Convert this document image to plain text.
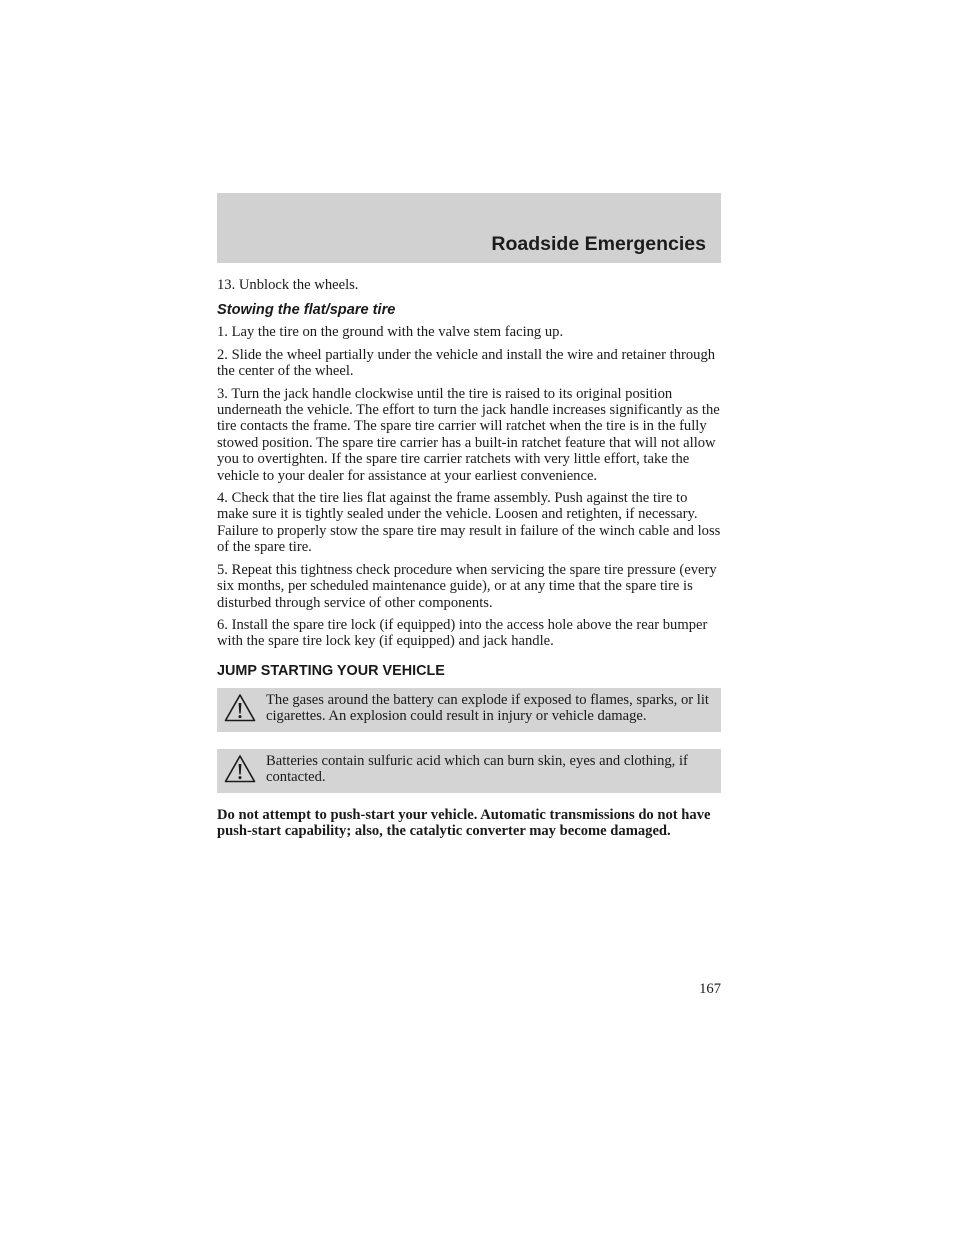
Roadside Emergencies

13. Unblock the wheels.

Stowing the flat/spare tire

1. Lay the tire on the ground with the valve stem facing up.

2. Slide the wheel partially under the vehicle and install the wire and retainer through the center of the wheel.

3. Turn the jack handle clockwise until the tire is raised to its original position underneath the vehicle. The effort to turn the jack handle increases significantly as the tire contacts the frame. The spare tire carrier will ratchet when the tire is in the fully stowed position. The spare tire carrier has a built-in ratchet feature that will not allow you to overtighten. If the spare tire carrier ratchets with very little effort, take the vehicle to your dealer for assistance at your earliest convenience.

4. Check that the tire lies flat against the frame assembly. Push against the tire to make sure it is tightly sealed under the vehicle. Loosen and retighten, if necessary. Failure to properly stow the spare tire may result in failure of the winch cable and loss of the spare tire.

5. Repeat this tightness check procedure when servicing the spare tire pressure (every six months, per scheduled maintenance guide), or at any time that the spare tire is disturbed through service of other components.

6. Install the spare tire lock (if equipped) into the access hole above the rear bumper with the spare tire lock key (if equipped) and jack handle.

JUMP STARTING YOUR VEHICLE
The gases around the battery can explode if exposed to flames, sparks, or lit cigarettes. An explosion could result in injury or vehicle damage.
Batteries contain sulfuric acid which can burn skin, eyes and clothing, if contacted.

Do not attempt to push-start your vehicle. Automatic transmissions do not have push-start capability; also, the catalytic converter may become damaged.

167
